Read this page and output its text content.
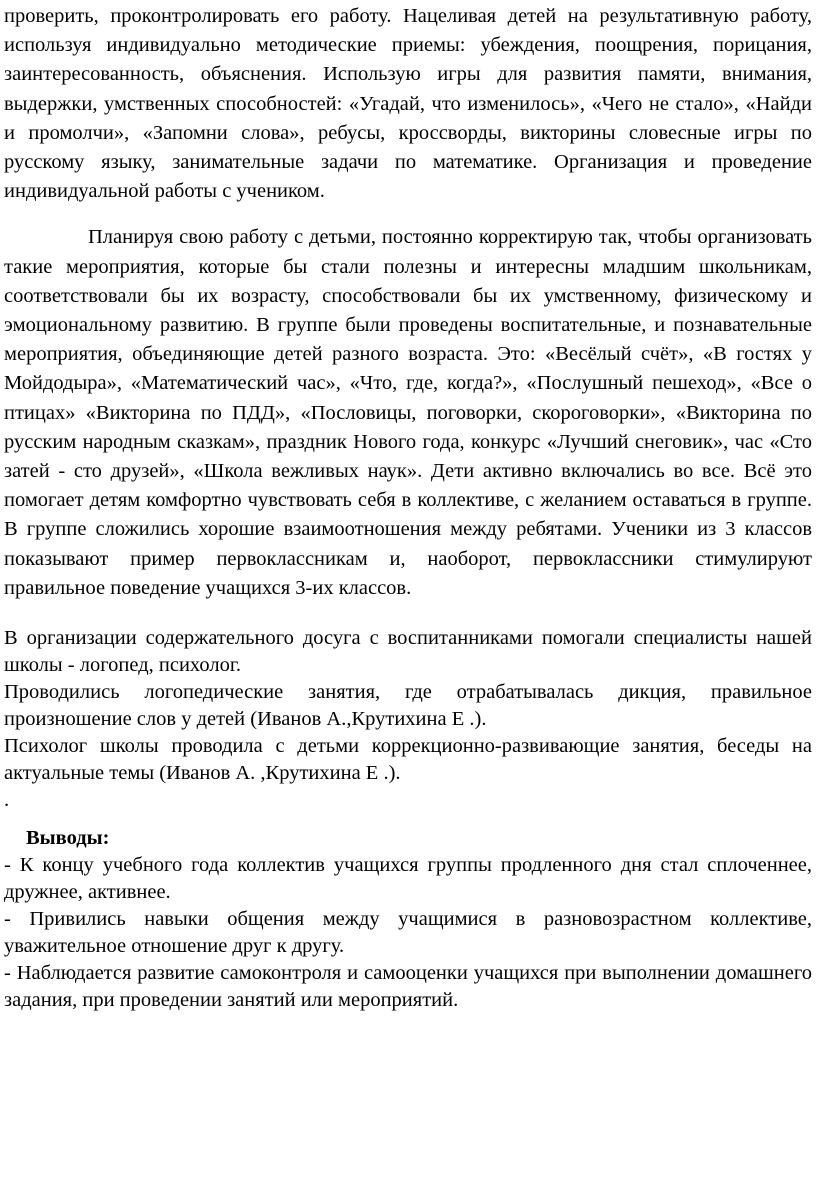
проверить, проконтролировать его работу. Нацеливая детей на результативную работу, используя индивидуально методические приемы: убеждения, поощрения, порицания, заинтересованность, объяснения. Использую игры для развития памяти, внимания, выдержки, умственных способностей: «Угадай, что изменилось», «Чего не стало», «Найди и промолчи», «Запомни слова», ребусы, кроссворды, викторины словесные игры по русскому языку, занимательные задачи по математике. Организация и проведение индивидуальной работы с учеником.

Планируя свою работу с детьми, постоянно корректирую так, чтобы организовать такие мероприятия, которые бы стали полезны и интересны младшим школьникам, соответствовали бы их возрасту, способствовали бы их умственному, физическому и эмоциональному развитию. В группе были проведены воспитательные, и познавательные мероприятия, объединяющие детей разного возраста. Это: «Весёлый счёт», «В гостях у Мойдодыра», «Математический час», «Что, где, когда?», «Послушный пешеход», «Все о птицах» «Викторина по ПДД», «Пословицы, поговорки, скороговорки», «Викторина по русским народным сказкам», праздник Нового года, конкурс «Лучший снеговик», час «Сто затей - сто друзей», «Школа вежливых наук». Дети активно включались во все. Всё это помогает детям комфортно чувствовать себя в коллективе, с желанием оставаться в группе. В группе сложились хорошие взаимоотношения между ребятами. Ученики из 3 классов показывают пример первоклассникам и, наоборот, первоклассники стимулируют правильное поведение учащихся 3-их классов.

В организации содержательного досуга с воспитанниками помогали специалисты нашей школы - логопед, психолог.

Проводились логопедические занятия, где отрабатывалась дикция, правильное произношение слов у детей (Иванов А.,Крутихина Е .).

Психолог школы проводила с детьми коррекционно-развивающие занятия, беседы на актуальные темы (Иванов А. ,Крутихина Е .).

.

Выводы:

- К концу учебного года коллектив учащихся группы продленного дня стал сплоченнее, дружнее, активнее.

- Привились навыки общения между учащимися в разновозрастном коллективе, уважительное отношение друг к другу.

- Наблюдается развитие самоконтроля и самооценки учащихся при выполнении домашнего задания, при проведении занятий или мероприятий.
